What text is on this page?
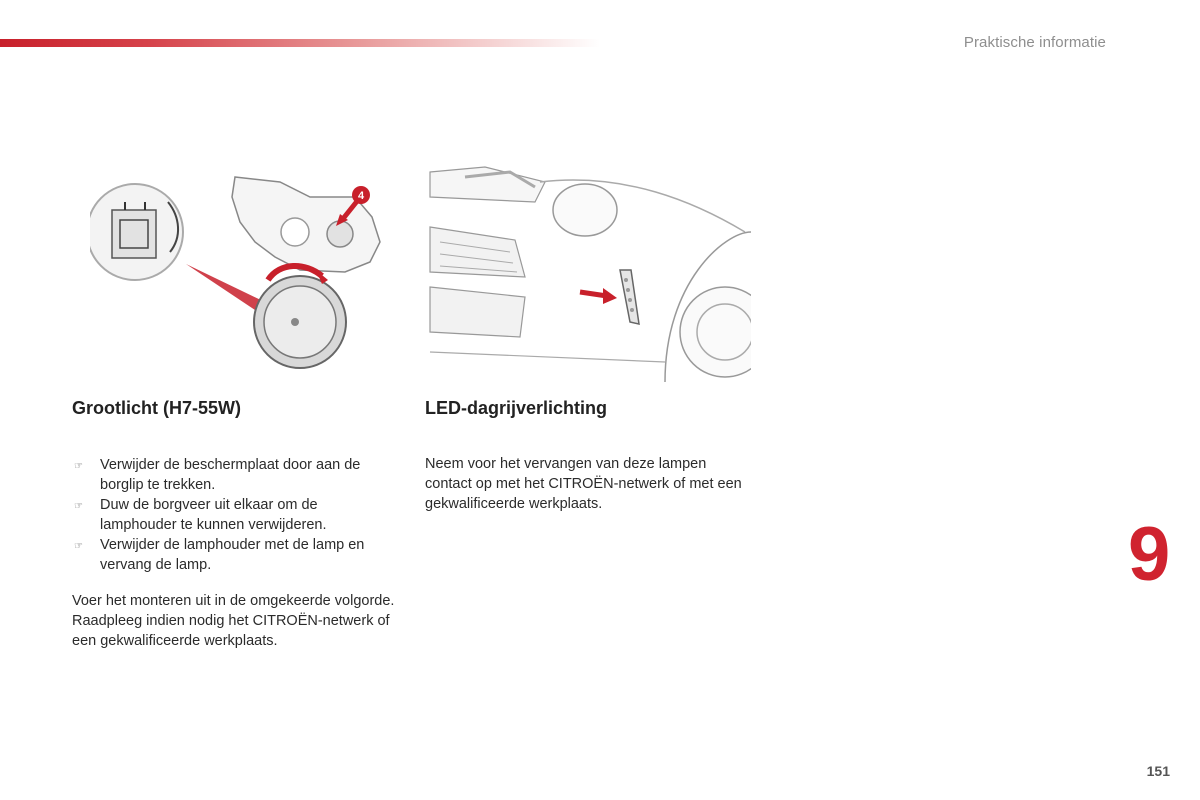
Praktische informatie
4
Grootlicht (H7-55W)	LED-dagrijverlichting
☞ Verwijder de beschermplaat door aan de borglip te trekken.
☞ Duw de borgveer uit elkaar om de lamphouder te kunnen verwijderen.
☞ Verwijder de lamphouder met de lamp en vervang de lamp.
Voer het monteren uit in de omgekeerde volgorde.
Raadpleeg indien nodig het CITROËN-netwerk of een gekwalificeerde werkplaats.
Neem voor het vervangen van deze lampen contact op met het CITROËN-netwerk of met een gekwalificeerde werkplaats.
9
151
